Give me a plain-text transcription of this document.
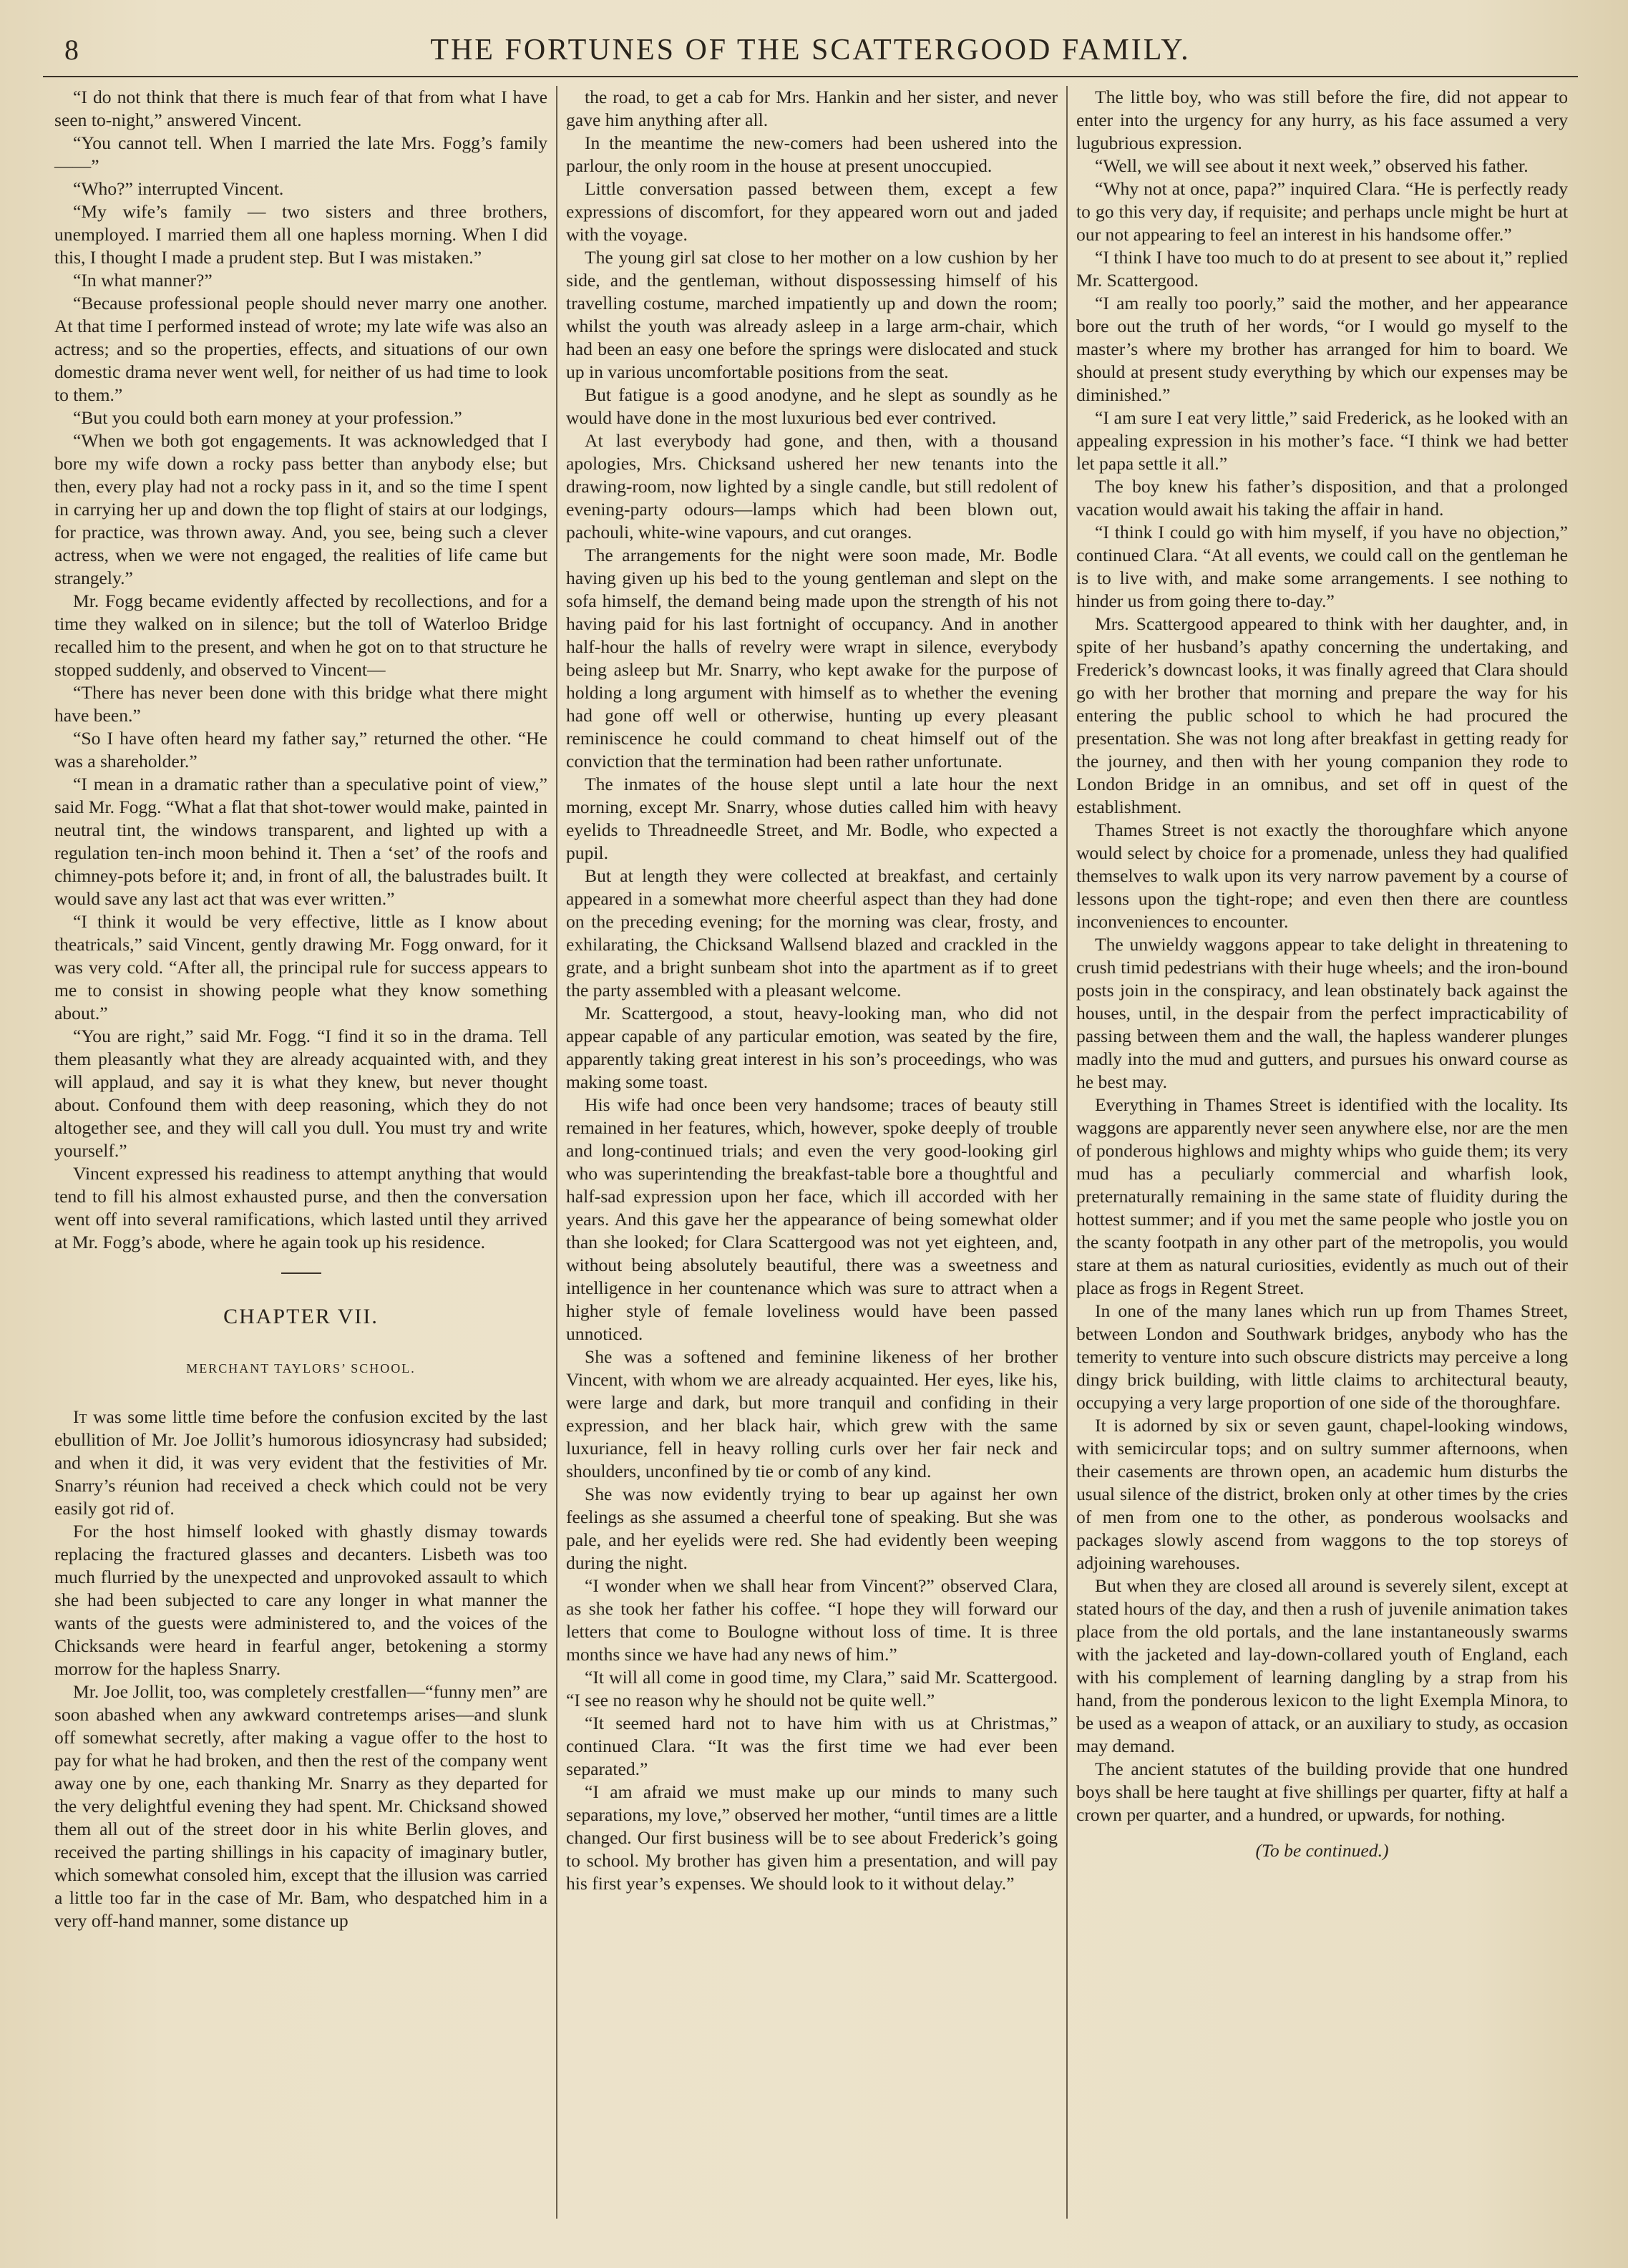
8	THE FORTUNES OF THE SCATTERGOOD FAMILY.

“I do not think that there is much fear of that from what I have seen to-night,” answered Vincent.

“You cannot tell. When I married the late Mrs. Fogg’s family——”

“Who?” interrupted Vincent.

“My wife’s family — two sisters and three brothers, unemployed. I married them all one hapless morning. When I did this, I thought I made a prudent step. But I was mistaken.”

“In what manner?”

“Because professional people should never marry one another. At that time I performed instead of wrote; my late wife was also an actress; and so the properties, effects, and situations of our own domestic drama never went well, for neither of us had time to look to them.”

“But you could both earn money at your profession.”

“When we both got engagements. It was acknowledged that I bore my wife down a rocky pass better than anybody else; but then, every play had not a rocky pass in it, and so the time I spent in carrying her up and down the top flight of stairs at our lodgings, for practice, was thrown away. And, you see, being such a clever actress, when we were not engaged, the realities of life came but strangely.”

Mr. Fogg became evidently affected by recollections, and for a time they walked on in silence; but the toll of Waterloo Bridge recalled him to the present, and when he got on to that structure he stopped suddenly, and observed to Vincent—

“There has never been done with this bridge what there might have been.”

“So I have often heard my father say,” returned the other. “He was a shareholder.”

“I mean in a dramatic rather than a speculative point of view,” said Mr. Fogg. “What a flat that shot-tower would make, painted in neutral tint, the windows transparent, and lighted up with a regulation ten-inch moon behind it. Then a ‘set’ of the roofs and chimney-pots before it; and, in front of all, the balustrades built. It would save any last act that was ever written.”

“I think it would be very effective, little as I know about theatricals,” said Vincent, gently drawing Mr. Fogg onward, for it was very cold. “After all, the principal rule for success appears to me to consist in showing people what they know something about.”

“You are right,” said Mr. Fogg. “I find it so in the drama. Tell them pleasantly what they are already acquainted with, and they will applaud, and say it is what they knew, but never thought about. Confound them with deep reasoning, which they do not altogether see, and they will call you dull. You must try and write yourself.”

Vincent expressed his readiness to attempt anything that would tend to fill his almost exhausted purse, and then the conversation went off into several ramifications, which lasted until they arrived at Mr. Fogg’s abode, where he again took up his residence.

CHAPTER VII.
MERCHANT TAYLORS’ SCHOOL.

It was some little time before the confusion excited by the last ebullition of Mr. Joe Jollit’s humorous idiosyncrasy had subsided; and when it did, it was very evident that the festivities of Mr. Snarry’s réunion had received a check which could not be very easily got rid of.

For the host himself looked with ghastly dismay towards replacing the fractured glasses and decanters. Lisbeth was too much flurried by the unexpected and unprovoked assault to which she had been subjected to care any longer in what manner the wants of the guests were administered to, and the voices of the Chicksands were heard in fearful anger, betokening a stormy morrow for the hapless Snarry.

Mr. Joe Jollit, too, was completely crestfallen—“funny men” are soon abashed when any awkward contretemps arises—and slunk off somewhat secretly, after making a vague offer to the host to pay for what he had broken, and then the rest of the company went away one by one, each thanking Mr. Snarry as they departed for the very delightful evening they had spent. Mr. Chicksand showed them all out of the street door in his white Berlin gloves, and received the parting shillings in his capacity of imaginary butler, which somewhat consoled him, except that the illusion was carried a little too far in the case of Mr. Bam, who despatched him in a very off-hand manner, some distance up

the road, to get a cab for Mrs. Hankin and her sister, and never gave him anything after all.

In the meantime the new-comers had been ushered into the parlour, the only room in the house at present unoccupied.

Little conversation passed between them, except a few expressions of discomfort, for they appeared worn out and jaded with the voyage.

The young girl sat close to her mother on a low cushion by her side, and the gentleman, without dispossessing himself of his travelling costume, marched impatiently up and down the room; whilst the youth was already asleep in a large arm-chair, which had been an easy one before the springs were dislocated and stuck up in various uncomfortable positions from the seat.

But fatigue is a good anodyne, and he slept as soundly as he would have done in the most luxurious bed ever contrived.

At last everybody had gone, and then, with a thousand apologies, Mrs. Chicksand ushered her new tenants into the drawing-room, now lighted by a single candle, but still redolent of evening-party odours—lamps which had been blown out, pachouli, white-wine vapours, and cut oranges.

The arrangements for the night were soon made, Mr. Bodle having given up his bed to the young gentleman and slept on the sofa himself, the demand being made upon the strength of his not having paid for his last fortnight of occupancy. And in another half-hour the halls of revelry were wrapt in silence, everybody being asleep but Mr. Snarry, who kept awake for the purpose of holding a long argument with himself as to whether the evening had gone off well or otherwise, hunting up every pleasant reminiscence he could command to cheat himself out of the conviction that the termination had been rather unfortunate.

The inmates of the house slept until a late hour the next morning, except Mr. Snarry, whose duties called him with heavy eyelids to Threadneedle Street, and Mr. Bodle, who expected a pupil.

But at length they were collected at breakfast, and certainly appeared in a somewhat more cheerful aspect than they had done on the preceding evening; for the morning was clear, frosty, and exhilarating, the Chicksand Wallsend blazed and crackled in the grate, and a bright sunbeam shot into the apartment as if to greet the party assembled with a pleasant welcome.

Mr. Scattergood, a stout, heavy-looking man, who did not appear capable of any particular emotion, was seated by the fire, apparently taking great interest in his son’s proceedings, who was making some toast.

His wife had once been very handsome; traces of beauty still remained in her features, which, however, spoke deeply of trouble and long-continued trials; and even the very good-looking girl who was superintending the breakfast-table bore a thoughtful and half-sad expression upon her face, which ill accorded with her years. And this gave her the appearance of being somewhat older than she looked; for Clara Scattergood was not yet eighteen, and, without being absolutely beautiful, there was a sweetness and intelligence in her countenance which was sure to attract when a higher style of female loveliness would have been passed unnoticed.

She was a softened and feminine likeness of her brother Vincent, with whom we are already acquainted. Her eyes, like his, were large and dark, but more tranquil and confiding in their expression, and her black hair, which grew with the same luxuriance, fell in heavy rolling curls over her fair neck and shoulders, unconfined by tie or comb of any kind.

She was now evidently trying to bear up against her own feelings as she assumed a cheerful tone of speaking. But she was pale, and her eyelids were red. She had evidently been weeping during the night.

“I wonder when we shall hear from Vincent?” observed Clara, as she took her father his coffee. “I hope they will forward our letters that come to Boulogne without loss of time. It is three months since we have had any news of him.”

“It will all come in good time, my Clara,” said Mr. Scattergood. “I see no reason why he should not be quite well.”

“It seemed hard not to have him with us at Christmas,” continued Clara. “It was the first time we had ever been separated.”

“I am afraid we must make up our minds to many such separations, my love,” observed her mother, “until times are a little changed. Our first business will be to see about Frederick’s going to school. My brother has given him a presentation, and will pay his first year’s expenses. We should look to it without delay.”

The little boy, who was still before the fire, did not appear to enter into the urgency for any hurry, as his face assumed a very lugubrious expression.

“Well, we will see about it next week,” observed his father.

“Why not at once, papa?” inquired Clara. “He is perfectly ready to go this very day, if requisite; and perhaps uncle might be hurt at our not appearing to feel an interest in his handsome offer.”

“I think I have too much to do at present to see about it,” replied Mr. Scattergood.

“I am really too poorly,” said the mother, and her appearance bore out the truth of her words, “or I would go myself to the master’s where my brother has arranged for him to board. We should at present study everything by which our expenses may be diminished.”

“I am sure I eat very little,” said Frederick, as he looked with an appealing expression in his mother’s face. “I think we had better let papa settle it all.”

The boy knew his father’s disposition, and that a prolonged vacation would await his taking the affair in hand.

“I think I could go with him myself, if you have no objection,” continued Clara. “At all events, we could call on the gentleman he is to live with, and make some arrangements. I see nothing to hinder us from going there to-day.”

Mrs. Scattergood appeared to think with her daughter, and, in spite of her husband’s apathy concerning the undertaking, and Frederick’s downcast looks, it was finally agreed that Clara should go with her brother that morning and prepare the way for his entering the public school to which he had procured the presentation. She was not long after breakfast in getting ready for the journey, and then with her young companion they rode to London Bridge in an omnibus, and set off in quest of the establishment.

Thames Street is not exactly the thoroughfare which anyone would select by choice for a promenade, unless they had qualified themselves to walk upon its very narrow pavement by a course of lessons upon the tight-rope; and even then there are countless inconveniences to encounter.

The unwieldy waggons appear to take delight in threatening to crush timid pedestrians with their huge wheels; and the iron-bound posts join in the conspiracy, and lean obstinately back against the houses, until, in the despair from the perfect impracticability of passing between them and the wall, the hapless wanderer plunges madly into the mud and gutters, and pursues his onward course as he best may.

Everything in Thames Street is identified with the locality. Its waggons are apparently never seen anywhere else, nor are the men of ponderous highlows and mighty whips who guide them; its very mud has a peculiarly commercial and wharfish look, preternaturally remaining in the same state of fluidity during the hottest summer; and if you met the same people who jostle you on the scanty footpath in any other part of the metropolis, you would stare at them as natural curiosities, evidently as much out of their place as frogs in Regent Street.

In one of the many lanes which run up from Thames Street, between London and Southwark bridges, anybody who has the temerity to venture into such obscure districts may perceive a long dingy brick building, with little claims to architectural beauty, occupying a very large proportion of one side of the thoroughfare.

It is adorned by six or seven gaunt, chapel-looking windows, with semicircular tops; and on sultry summer afternoons, when their casements are thrown open, an academic hum disturbs the usual silence of the district, broken only at other times by the cries of men from one to the other, as ponderous woolsacks and packages slowly ascend from waggons to the top storeys of adjoining warehouses.

But when they are closed all around is severely silent, except at stated hours of the day, and then a rush of juvenile animation takes place from the old portals, and the lane instantaneously swarms with the jacketed and lay-down-collared youth of England, each with his complement of learning dangling by a strap from his hand, from the ponderous lexicon to the light Exempla Minora, to be used as a weapon of attack, or an auxiliary to study, as occasion may demand.

The ancient statutes of the building provide that one hundred boys shall be here taught at five shillings per quarter, fifty at half a crown per quarter, and a hundred, or upwards, for nothing.

(To be continued.)
